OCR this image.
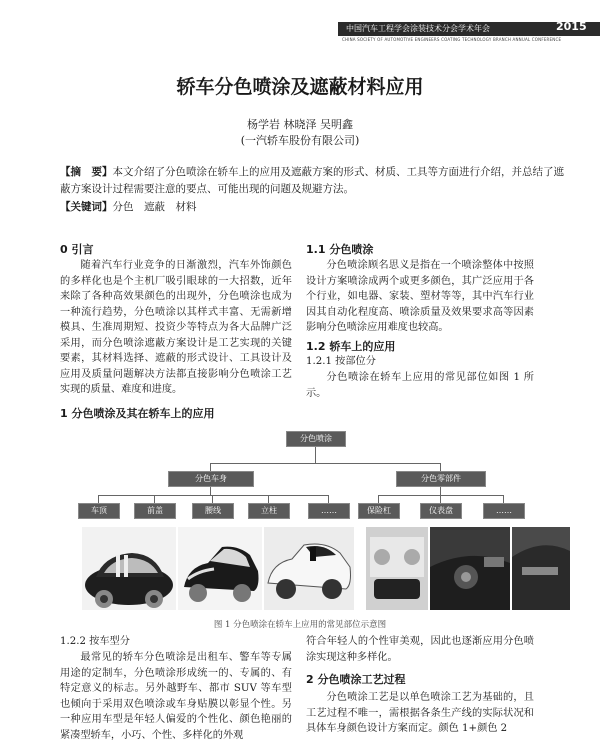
中国汽车工程学会涂装技术分会学术年会	2015
CHINA SOCIETY OF AUTOMOTIVE ENGINEERS COATING TECHNOLOGY BRANCH ANNUAL CONFERENCE
轿车分色喷涂及遮蔽材料应用
杨学岩 林晓泽 吴明鑫
(一汽轿车股份有限公司)
【摘　要】本文介绍了分色喷涂在轿车上的应用及遮蔽方案的形式、材质、工具等方面进行介绍，并总结了遮蔽方案设计过程需要注意的要点、可能出现的问题及规避方法。
【关键词】分色　遮蔽　材料
0 引言
随着汽车行业竞争的日渐激烈，汽车外饰颜色的多样化也是个主机厂吸引眼球的一大招数，近年来除了各种高效果颜色的出现外，分色喷涂也成为一种流行趋势，分色喷涂以其样式丰富、无需新增模具、生准周期短、投资少等特点为各大品牌广泛采用，而分色喷涂遮蔽方案设计是工艺实现的关键要素，其材料选择、遮蔽的形式设计、工具设计及应用及质量问题解决方法都直接影响分色喷涂工艺实现的质量、难度和进度。
1 分色喷涂及其在轿车上的应用
1.1 分色喷涂
分色喷涂顾名思义是指在一个喷涂整体中按照设计方案喷涂成两个或更多颜色，其广泛应用于各个行业，如电器、家装、塑材等等，其中汽车行业因其自动化程度高、喷涂质量及效果要求高等因素影响分色喷涂应用难度也较高。
1.2 轿车上的应用
1.2.1 按部位分
分色喷涂在轿车上应用的常见部位如图 1 所示。
分色喷涂
分色车身	分色零部件
车顶	前盖	腰线	立柱	……	保险杠	仪表盘	……
图 1 分色喷涂在轿车上应用的常见部位示意图
1.2.2 按车型分
最常见的轿车分色喷涂是出租车、警车等专属用途的定制车，分色喷涂形成统一的、专属的、有特定意义的标志。另外越野车、都市 SUV 等车型也倾向于采用双色喷涂或车身贴膜以彰显个性。另一种应用车型是年轻人偏爱的个性化、颜色艳丽的紧凑型轿车，小巧、个性、多样化的外观
符合年轻人的个性审美观，因此也逐渐应用分色喷涂实现这种多样化。
2 分色喷涂工艺过程
分色喷涂工艺是以单色喷涂工艺为基础的，且工艺过程不唯一，需根据各条生产线的实际状况和具体车身颜色设计方案而定。颜色 1+颜色 2
